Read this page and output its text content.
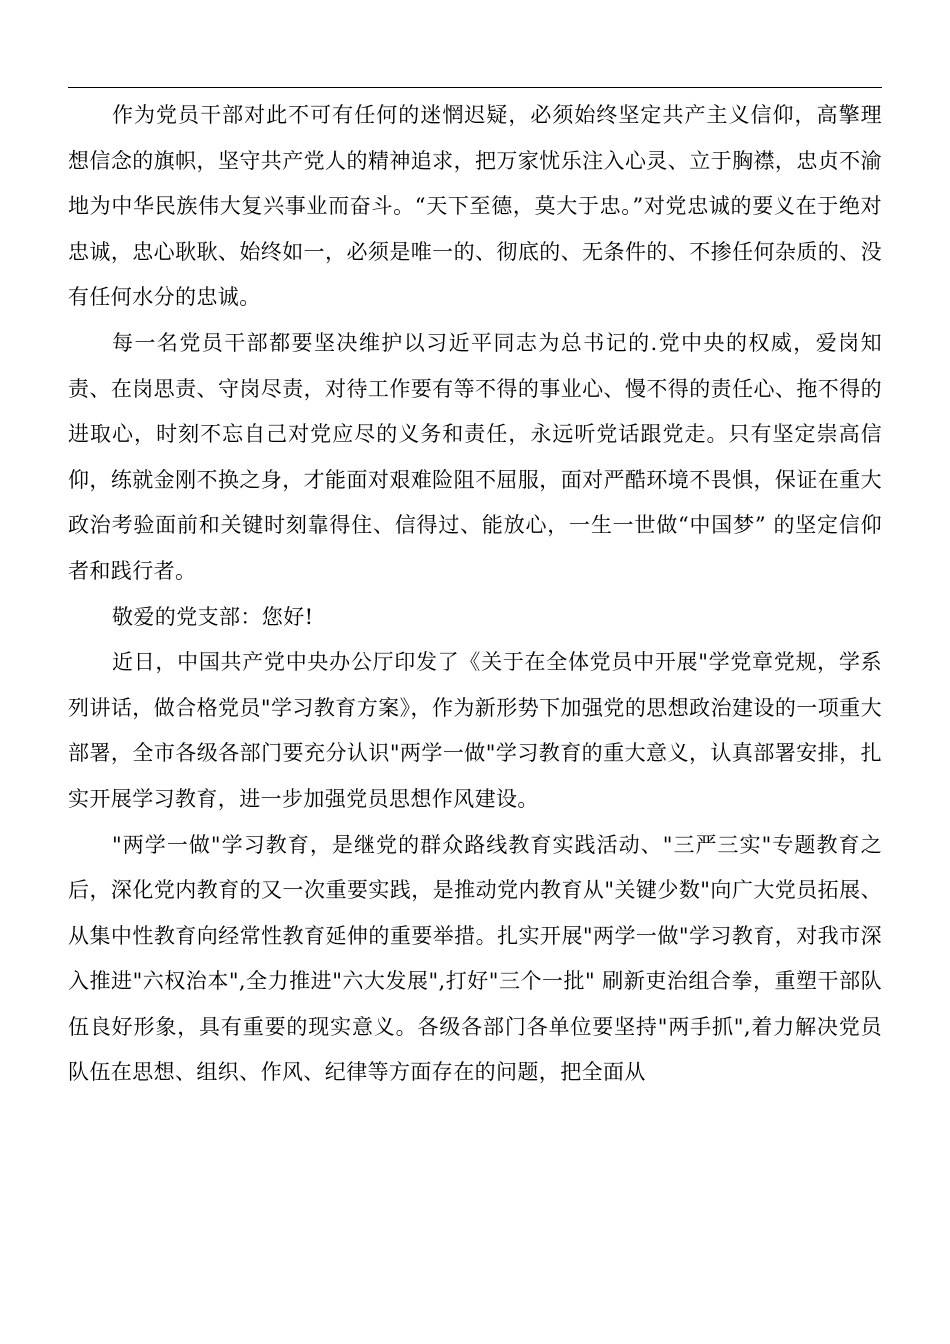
作为党员干部对此不可有任何的迷惘迟疑，必须始终坚定共产主义信仰，高擎理想信念的旗帜，坚守共产党人的精神追求，把万家忧乐注入心灵、立于胸襟，忠贞不渝地为中华民族伟大复兴事业而奋斗。“天下至德，莫大于忠。”对党忠诚的要义在于绝对忠诚，忠心耿耿、始终如一，必须是唯一的、彻底的、无条件的、不掺任何杂质的、没有任何水分的忠诚。

每一名党员干部都要坚决维护以习近平同志为总书记的.党中央的权威，爱岗知责、在岗思责、守岗尽责，对待工作要有等不得的事业心、慢不得的责任心、拖不得的进取心，时刻不忘自己对党应尽的义务和责任，永远听党话跟党走。只有坚定崇高信仰，练就金刚不换之身，才能面对艰难险阻不屈服，面对严酷环境不畏惧，保证在重大政治考验面前和关键时刻靠得住、信得过、能放心，一生一世做“中国梦” 的坚定信仰者和践行者。

敬爱的党支部：您好!

近日，中国共产党中央办公厅印发了《关于在全体党员中开展"学党章党规，学系列讲话，做合格党员"学习教育方案》，作为新形势下加强党的思想政治建设的一项重大部署，全市各级各部门要充分认识"两学一做"学习教育的重大意义，认真部署安排，扎实开展学习教育，进一步加强党员思想作风建设。

"两学一做"学习教育，是继党的群众路线教育实践活动、"三严三实"专题教育之后，深化党内教育的又一次重要实践，是推动党内教育从"关键少数"向广大党员拓展、从集中性教育向经常性教育延伸的重要举措。扎实开展"两学一做"学习教育，对我市深入推进"六权治本",全力推进"六大发展",打好"三个一批" 刷新吏治组合拳，重塑干部队伍良好形象，具有重要的现实意义。各级各部门各单位要坚持"两手抓",着力解决党员队伍在思想、组织、作风、纪律等方面存在的问题，把全面从
